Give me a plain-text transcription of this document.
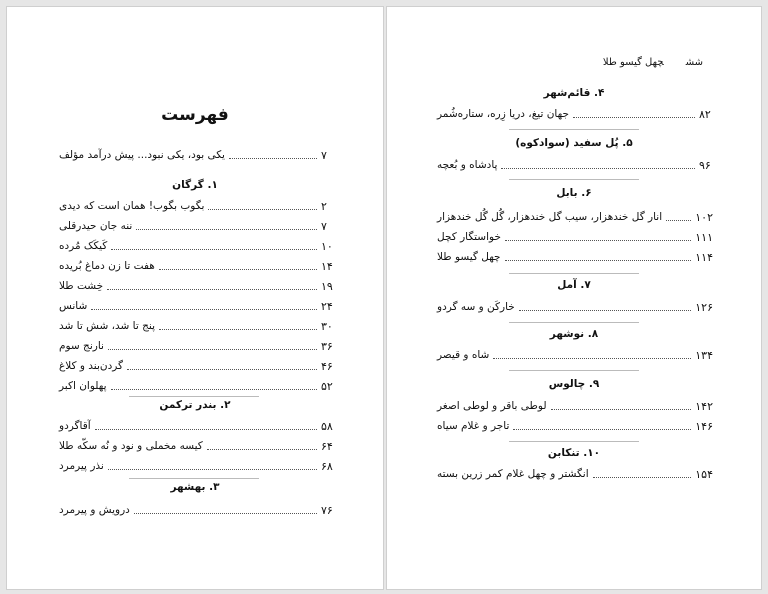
فهرست
یکی بود، یکی نبود... پیش درآمد مؤلف	۷
۱. گرگان
بگوب بگوب! همان است که دیدی	۲
ننه جان حیدرقلی	۷
کَیکَک مُرده	۱۰
هفت تا زن دماغ بُریده	۱۴
خِشت طلا	۱۹
شانس	۲۴
پنج تا شد، شش تا شد	۳۰
نارنج سوم	۳۶
گردن‌بند و کلاغ	۴۶
پهلوان اکبر	۵۲
۲. بندر ترکمن
آقاگردو	۵۸
کیسه مخملی و نود و نُه سکّه طلا	۶۴
نذر پیرمرد	۶۸
۳. بهشهر
درویش و پیرمرد	۷۶
ششچهل گیسو طلا
۴. قائم‌شهر
جهان تیغ، دریا زِره، ستاره‌شُمر	۸۲
۵. پُل سفید (سوادکوه)
پادشاه و بُعچه	۹۶
۶. بابل
انار گل خندهزار، سیب گل خندهزار، گُل گُل خندهزار	۱۰۲
خواستگار کچل	۱۱۱
چهل گیسو طلا	۱۱۴
۷. آمل
خارکَن و سه گردو	۱۲۶
۸. نوشهر
شاه و قیصر	۱۳۴
۹. چالوس
لوطی باقر و لوطی اصغر	۱۴۲
تاجر و غلام سیاه	۱۴۶
۱۰. تنکابن
انگشتر و چهل غلام کمر زرین بسته	۱۵۴
